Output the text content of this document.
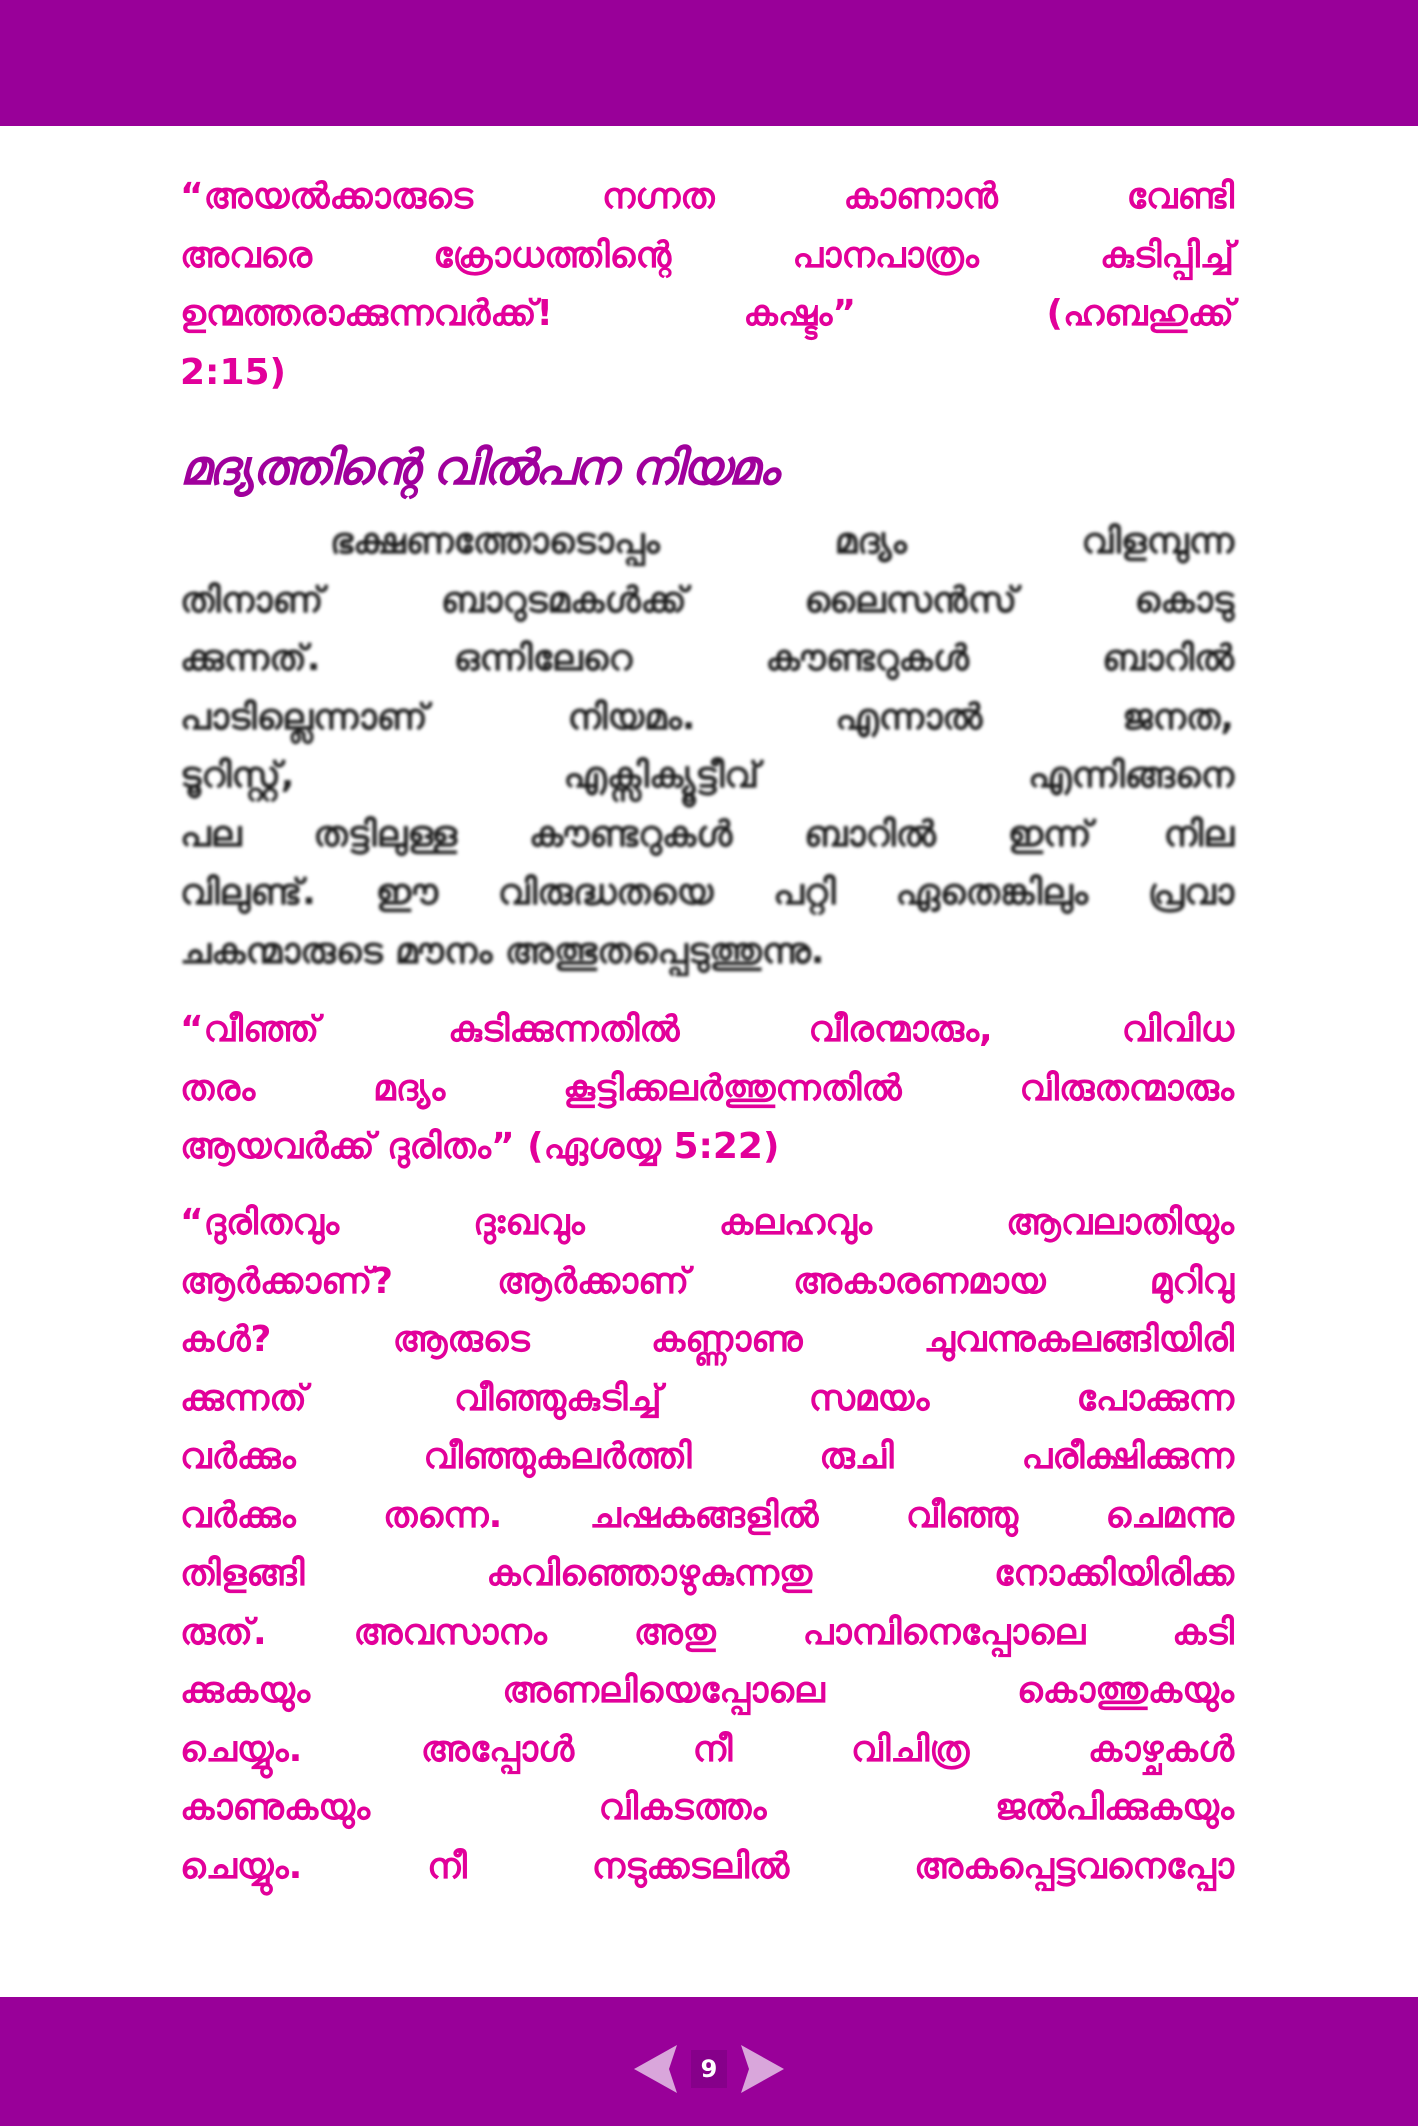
“അയൽക്കാരുടെ നഗ്നത കാണാൻ വേണ്ടി
അവരെ ക്രോധത്തിന്റെ പാനപാത്രം കുടിപ്പിച്ച്
ഉന്മത്തരാക്കുന്നവർക്ക്! കഷ്ടം” (ഹബഹുക്ക്
2:15)
മദ്യത്തിന്റെ വിൽപന നിയമം
ഭക്ഷണത്തോടൊപ്പം മദ്യം വിളമ്പുന്ന
തിനാണ് ബാറുടമകൾക്ക് ലൈസൻസ് കൊടു
ക്കുന്നത്. ഒന്നിലേറെ കൗണ്ടറുകൾ ബാറിൽ
പാടില്ലെന്നാണ് നിയമം. എന്നാൽ ജനത,
ടൂറിസ്റ്റ്, എക്സിക്യൂട്ടീവ് എന്നിങ്ങനെ
പല തട്ടിലുള്ള കൗണ്ടറുകൾ ബാറിൽ ഇന്ന് നില
വിലുണ്ട്. ഈ വിരുദ്ധതയെ പറ്റി ഏതെങ്കിലും പ്രവാ
ചകന്മാരുടെ മൗനം അത്ഭുതപ്പെടുത്തുന്നു.
“വീഞ്ഞ് കുടിക്കുന്നതിൽ വീരന്മാരും, വിവിധ
തരം മദ്യം കൂട്ടിക്കലർത്തുന്നതിൽ വിരുതന്മാരും
ആയവർക്ക് ദുരിതം” (ഏശയ്യ 5:22)
“ദുരിതവും ദുഃഖവും കലഹവും ആവലാതിയും
ആർക്കാണ്? ആർക്കാണ് അകാരണമായ മുറിവു
കൾ? ആരുടെ കണ്ണാണു ചുവന്നുകലങ്ങിയിരി
ക്കുന്നത് വീഞ്ഞുകുടിച്ച് സമയം പോക്കുന്ന
വർക്കും വീഞ്ഞുകലർത്തി രുചി പരീക്ഷിക്കുന്ന
വർക്കും തന്നെ. ചഷകങ്ങളിൽ വീഞ്ഞു ചെമന്നു
തിളങ്ങി കവിഞ്ഞൊഴുകുന്നതു നോക്കിയിരിക്ക
രുത്. അവസാനം അതു പാമ്പിനെപ്പോലെ കടി
ക്കുകയും അണലിയെപ്പോലെ കൊത്തുകയും
ചെയ്യും. അപ്പോൾ നീ വിചിത്ര കാഴ്ചകൾ
കാണുകയും വികടത്തം ജൽപിക്കുകയും
ചെയ്യും. നീ നടുക്കടലിൽ അകപ്പെട്ടവനെപ്പോ
9
